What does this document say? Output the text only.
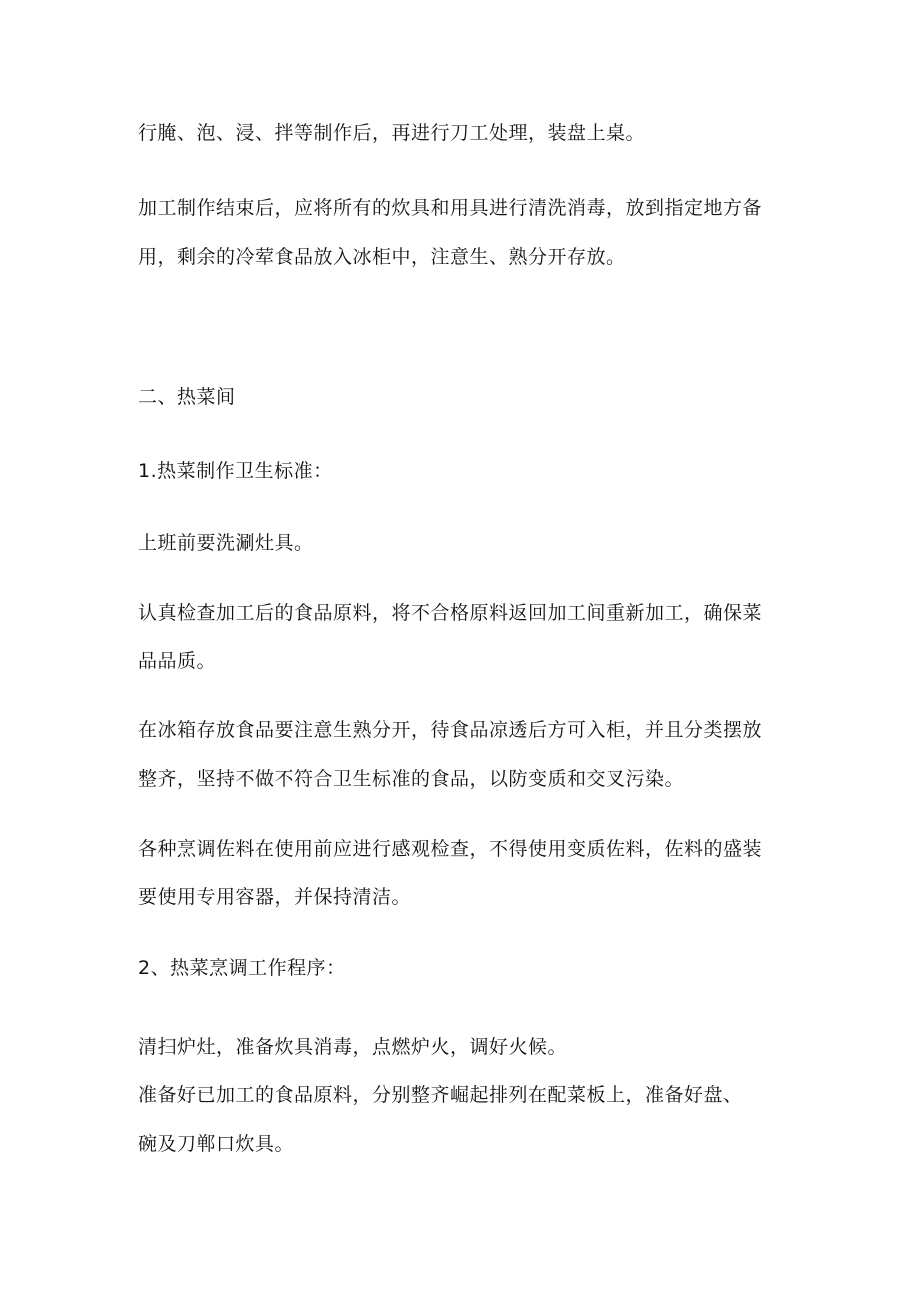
行腌、泡、浸、拌等制作后，再进行刀工处理，装盘上桌。
加工制作结束后，应将所有的炊具和用具进行清洗消毒，放到指定地方备
用，剩余的冷荤食品放入冰柜中，注意生、熟分开存放。
二、热菜间
1.热菜制作卫生标准：
上班前要洗涮灶具。
认真检查加工后的食品原料，将不合格原料返回加工间重新加工，确保菜
品品质。
在冰箱存放食品要注意生熟分开，待食品凉透后方可入柜，并且分类摆放
整齐，坚持不做不符合卫生标准的食品，以防变质和交叉污染。
各种烹调佐料在使用前应进行感观检查，不得使用变质佐料，佐料的盛装
要使用专用容器，并保持清洁。
2、热菜烹调工作程序：
清扫炉灶，准备炊具消毒，点燃炉火，调好火候。
准备好已加工的食品原料，分别整齐崛起排列在配菜板上，准备好盘、
碗及刀郸口炊具。
